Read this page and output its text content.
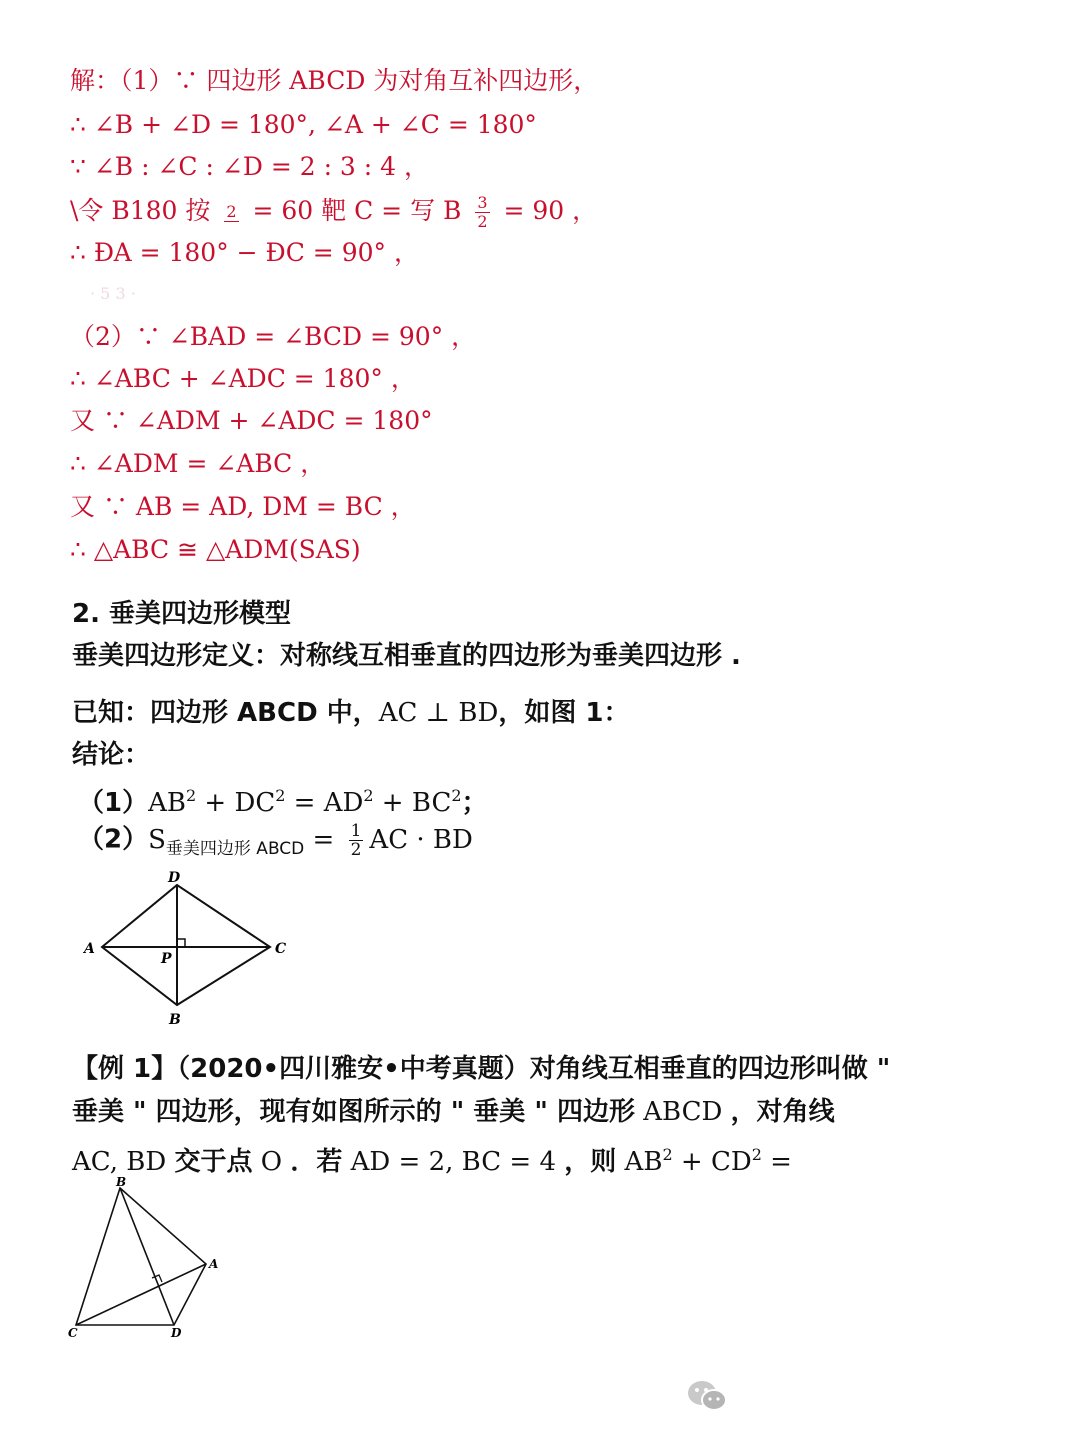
解：（1）∵ 四边形 ABCD 为对角互补四边形，
∴ ∠B + ∠D = 180°, ∠A + ∠C = 180°
∵ ∠B : ∠C : ∠D = 2 : 3 : 4 ，
\令 B180 按 2 = 60 靶 C = 写 B $\frac{3}{2} = 90$ ，
∴ ÐA = 180° − ÐC = 90° ，
· 5 3 ·
（2）∵ ∠BAD = ∠BCD = 90° ，
∴ ∠ABC + ∠ADC = 180° ，
又 ∵ ∠ADM + ∠ADC = 180°
∴ ∠ADM = ∠ABC ，
又 ∵ AB = AD, DM = BC ，
∴ △ABC ≅ △ADM(SAS)
2. 垂美四边形模型
垂美四边形定义：对称线互相垂直的四边形为垂美四边形 .
已知：四边形 ABCD 中，AC ⊥ BD，如图 1：
结论：
$(1)AB^2 + DC^2 = AD^2 + BC^2$；
$(2)S_{垂美四边形 ABCD} = \frac{1}{2}$ AC · BD
D
A	C
P
B
【例 1】（2020•四川雅安•中考真题）对角线互相垂直的四边形叫做 "
垂美 " 四边形，现有如图所示的 " 垂美 " 四边形 ABCD ，对角线
AC, BD 交于点 O ．若 AD = 2, BC = 4 ，则 $AB^2 + CD^2$ =
B
A
C	D
